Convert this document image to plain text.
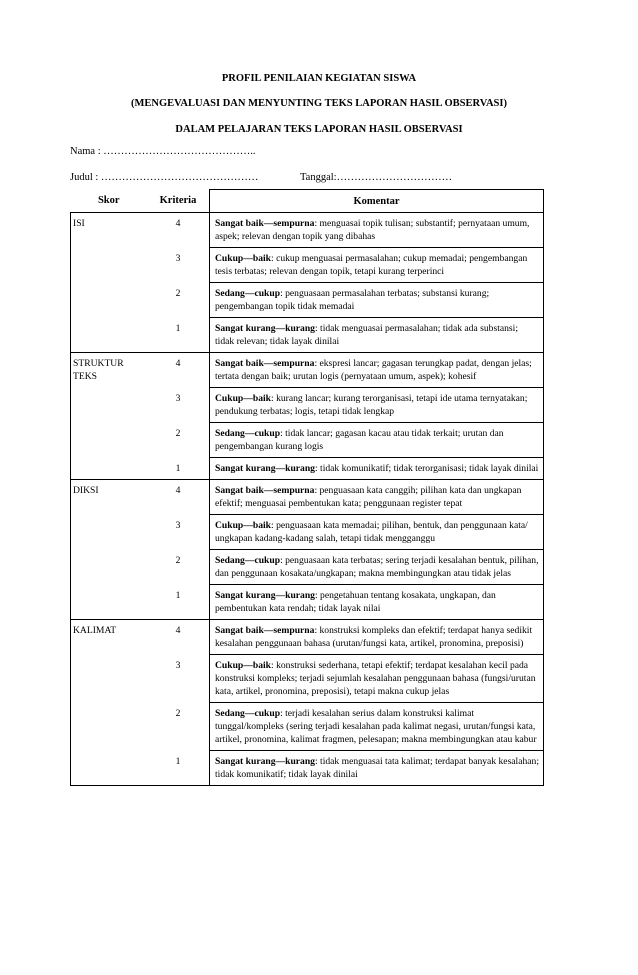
PROFIL PENILAIAN KEGIATAN SISWA
(MENGEVALUASI DAN MENYUNTING TEKS LAPORAN HASIL OBSERVASI)
DALAM PELAJARAN TEKS LAPORAN HASIL OBSERVASI
Nama : ……………………………………..
Judul : ………………………………………	Tanggal:……………………………
Skor	Kriteria	Komentar
ISI	4	Sangat baik—sempurna: menguasai topik tulisan; substantif; pernyataan umum, aspek; relevan dengan topik yang dibahas
	3	Cukup—baik: cukup menguasai permasalahan; cukup memadai; pengembangan tesis terbatas; relevan dengan topik, tetapi kurang terperinci
	2	Sedang—cukup: penguasaan permasalahan terbatas; substansi kurang; pengembangan topik tidak memadai
	1	Sangat kurang—kurang: tidak menguasai permasalahan; tidak ada substansi; tidak relevan; tidak layak dinilai
STRUKTUR TEKS	4	Sangat baik—sempurna: ekspresi lancar; gagasan terungkap padat, dengan jelas; tertata dengan baik; urutan logis (pernyataan umum, aspek); kohesif
	3	Cukup—baik: kurang lancar; kurang terorganisasi, tetapi ide utama ternyatakan; pendukung terbatas; logis, tetapi tidak lengkap
	2	Sedang—cukup: tidak lancar; gagasan kacau atau tidak terkait; urutan dan pengembangan kurang logis
	1	Sangat kurang—kurang: tidak komunikatif; tidak terorganisasi; tidak layak dinilai
DIKSI	4	Sangat baik—sempurna: penguasaan kata canggih; pilihan kata dan ungkapan efektif; menguasai pembentukan kata; penggunaan register tepat
	3	Cukup—baik: penguasaan kata memadai; pilihan, bentuk, dan penggunaan kata/ ungkapan kadang-kadang salah, tetapi tidak mengganggu
	2	Sedang—cukup: penguasaan kata terbatas; sering terjadi kesalahan bentuk, pilihan, dan penggunaan kosakata/ungkapan; makna membingungkan atau tidak jelas
	1	Sangat kurang—kurang: pengetahuan tentang kosakata, ungkapan, dan pembentukan kata rendah; tidak layak nilai
KALIMAT	4	Sangat baik—sempurna: konstruksi kompleks dan efektif; terdapat hanya sedikit kesalahan penggunaan bahasa (urutan/fungsi kata, artikel, pronomina, preposisi)
	3	Cukup—baik: konstruksi sederhana, tetapi efektif; terdapat kesalahan kecil pada konstruksi kompleks; terjadi sejumlah kesalahan penggunaan bahasa (fungsi/urutan kata, artikel, pronomina, preposisi), tetapi makna cukup jelas
	2	Sedang—cukup: terjadi kesalahan serius dalam konstruksi kalimat tunggal/kompleks (sering terjadi kesalahan pada kalimat negasi, urutan/fungsi kata, artikel, pronomina, kalimat fragmen, pelesapan; makna membingungkan atau kabur
	1	Sangat kurang—kurang: tidak menguasai tata kalimat; terdapat banyak kesalahan; tidak komunikatif; tidak layak dinilai
